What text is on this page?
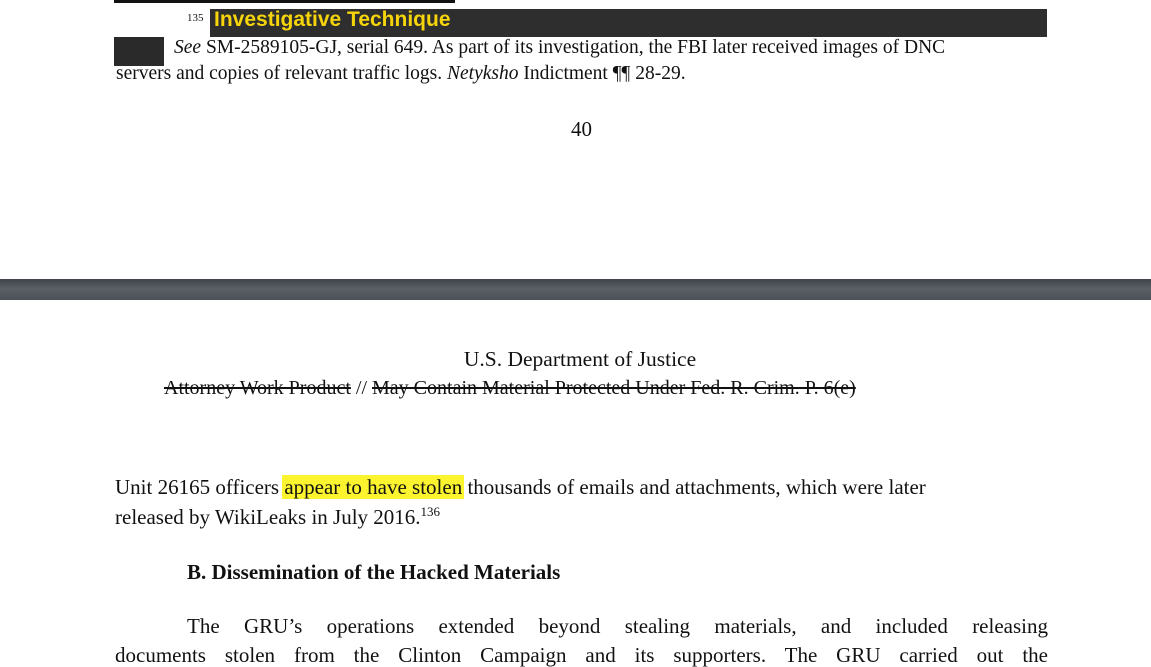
135 Investigative Technique
See SM-2589105-GJ, serial 649. As part of its investigation, the FBI later received images of DNC
servers and copies of relevant traffic logs. Netyksho Indictment ¶¶ 28-29.
40
U.S. Department of Justice
Attorney Work Product // May Contain Material Protected Under Fed. R. Crim. P. 6(e)
Unit 26165 officers appear to have stolen thousands of emails and attachments, which were later
released by WikiLeaks in July 2016.$^{136}$
B. Dissemination of the Hacked Materials
The GRU’s operations extended beyond stealing materials, and included releasing
documents stolen from the Clinton Campaign and its supporters. The GRU carried out the
